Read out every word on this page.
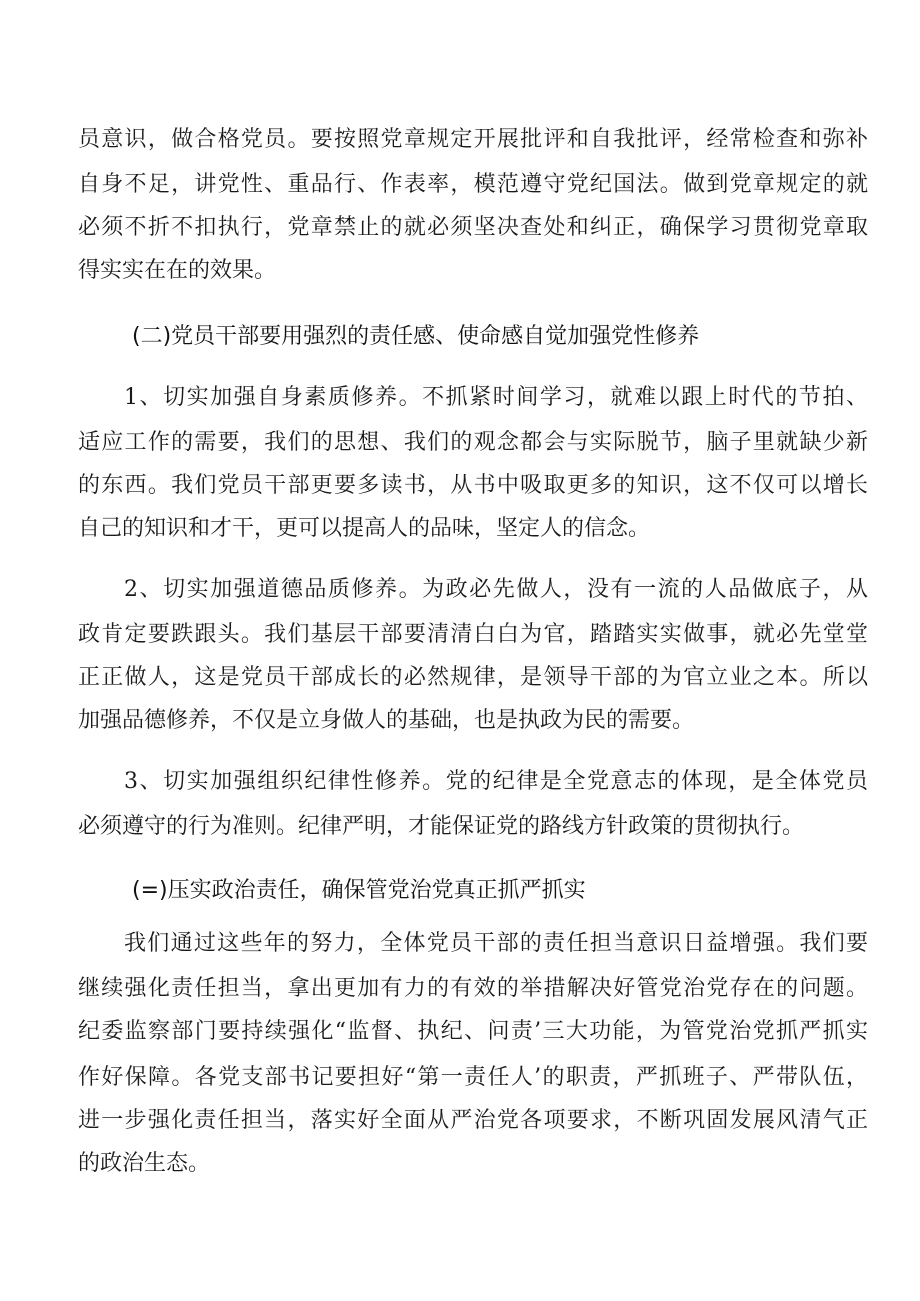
员意识，做合格党员。要按照党章规定开展批评和自我批评，经常检查和弥补
自身不足，讲党性、重品行、作表率，模范遵守党纪国法。做到党章规定的就
必须不折不扣执行，党章禁止的就必须坚决查处和纠正，确保学习贯彻党章取
得实实在在的效果。
(二)党员干部要用强烈的责任感、使命感自觉加强党性修养
1、切实加强自身素质修养。不抓紧时间学习，就难以跟上时代的节拍、
适应工作的需要，我们的思想、我们的观念都会与实际脱节，脑子里就缺少新
的东西。我们党员干部更要多读书，从书中吸取更多的知识，这不仅可以增长
自己的知识和才干，更可以提高人的品味，坚定人的信念。
2、切实加强道德品质修养。为政必先做人，没有一流的人品做底子，从
政肯定要跌跟头。我们基层干部要清清白白为官，踏踏实实做事，就必先堂堂
正正做人，这是党员干部成长的必然规律，是领导干部的为官立业之本。所以
加强品德修养，不仅是立身做人的基础，也是执政为民的需要。
3、切实加强组织纪律性修养。党的纪律是全党意志的体现，是全体党员
必须遵守的行为准则。纪律严明，才能保证党的路线方针政策的贯彻执行。
(=)压实政治责任，确保管党治党真正抓严抓实
我们通过这些年的努力，全体党员干部的责任担当意识日益增强。我们要
继续强化责任担当，拿出更加有力的有效的举措解决好管党治党存在的问题。
纪委监察部门要持续强化“监督、执纪、问责’三大功能，为管党治党抓严抓实
作好保障。各党支部书记要担好“第一责任人’的职责，严抓班子、严带队伍，
进一步强化责任担当，落实好全面从严治党各项要求，不断巩固发展风清气正
的政治生态。
